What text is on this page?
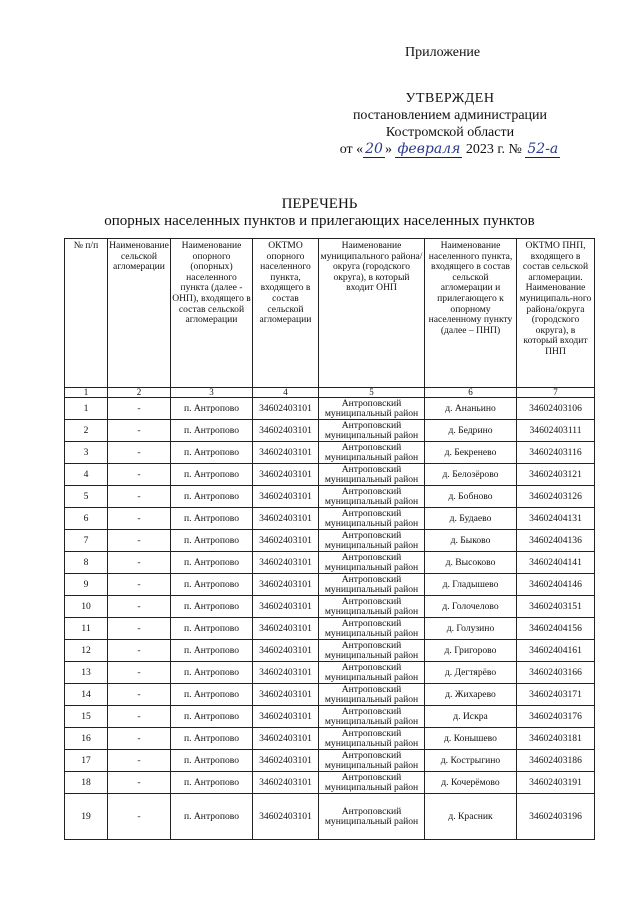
Приложение
УТВЕРЖДЕН
постановлением администрации
Костромской области
от « 20 » февраля 2023 г. № 52-а
ПЕРЕЧЕНЬ
опорных населенных пунктов и прилегающих населенных пунктов
№ п/п	Наименование сельской агломерации	Наименование опорного (опорных) населенного пункта (далее - ОНП), входящего в состав сельской агломерации	ОКТМО опорного населенного пункта, входящего в состав сельской агломерации	Наименование муниципального района/округа (городского округа), в который входит ОНП	Наименование населенного пункта, входящего в состав сельской агломерации и прилегающего к опорному населенному пункту (далее – ПНП)	ОКТМО ПНП, входящего в состав сельской агломерации. Наименование муниципаль-ного района/округа (городского округа), в который входит ПНП
1	2	3	4	5	6	7
1	-	п. Антропово	34602403101	Антроповский муниципальный район	д. Ананьино	34602403106
2	-	п. Антропово	34602403101	Антроповский муниципальный район	д. Бедрино	34602403111
3	-	п. Антропово	34602403101	Антроповский муниципальный район	д. Бекренево	34602403116
4	-	п. Антропово	34602403101	Антроповский муниципальный район	д. Белозёрово	34602403121
5	-	п. Антропово	34602403101	Антроповский муниципальный район	д. Бобново	34602403126
6	-	п. Антропово	34602403101	Антроповский муниципальный район	д. Будаево	34602404131
7	-	п. Антропово	34602403101	Антроповский муниципальный район	д. Быково	34602404136
8	-	п. Антропово	34602403101	Антроповский муниципальный район	д. Высоково	34602404141
9	-	п. Антропово	34602403101	Антроповский муниципальный район	д. Гладышево	34602404146
10	-	п. Антропово	34602403101	Антроповский муниципальный район	д. Голочелово	34602403151
11	-	п. Антропово	34602403101	Антроповский муниципальный район	д. Голузино	34602404156
12	-	п. Антропово	34602403101	Антроповский муниципальный район	д. Григорово	34602404161
13	-	п. Антропово	34602403101	Антроповский муниципальный район	д. Дегтярёво	34602403166
14	-	п. Антропово	34602403101	Антроповский муниципальный район	д. Жихарево	34602403171
15	-	п. Антропово	34602403101	Антроповский муниципальный район	д. Искра	34602403176
16	-	п. Антропово	34602403101	Антроповский муниципальный район	д. Конышево	34602403181
17	-	п. Антропово	34602403101	Антроповский муниципальный район	д. Кострыгино	34602403186
18	-	п. Антропово	34602403101	Антроповский муниципальный район	д. Кочерёмово	34602403191
19	-	п. Антропово	34602403101	Антроповский муниципальный район	д. Красник	34602403196
